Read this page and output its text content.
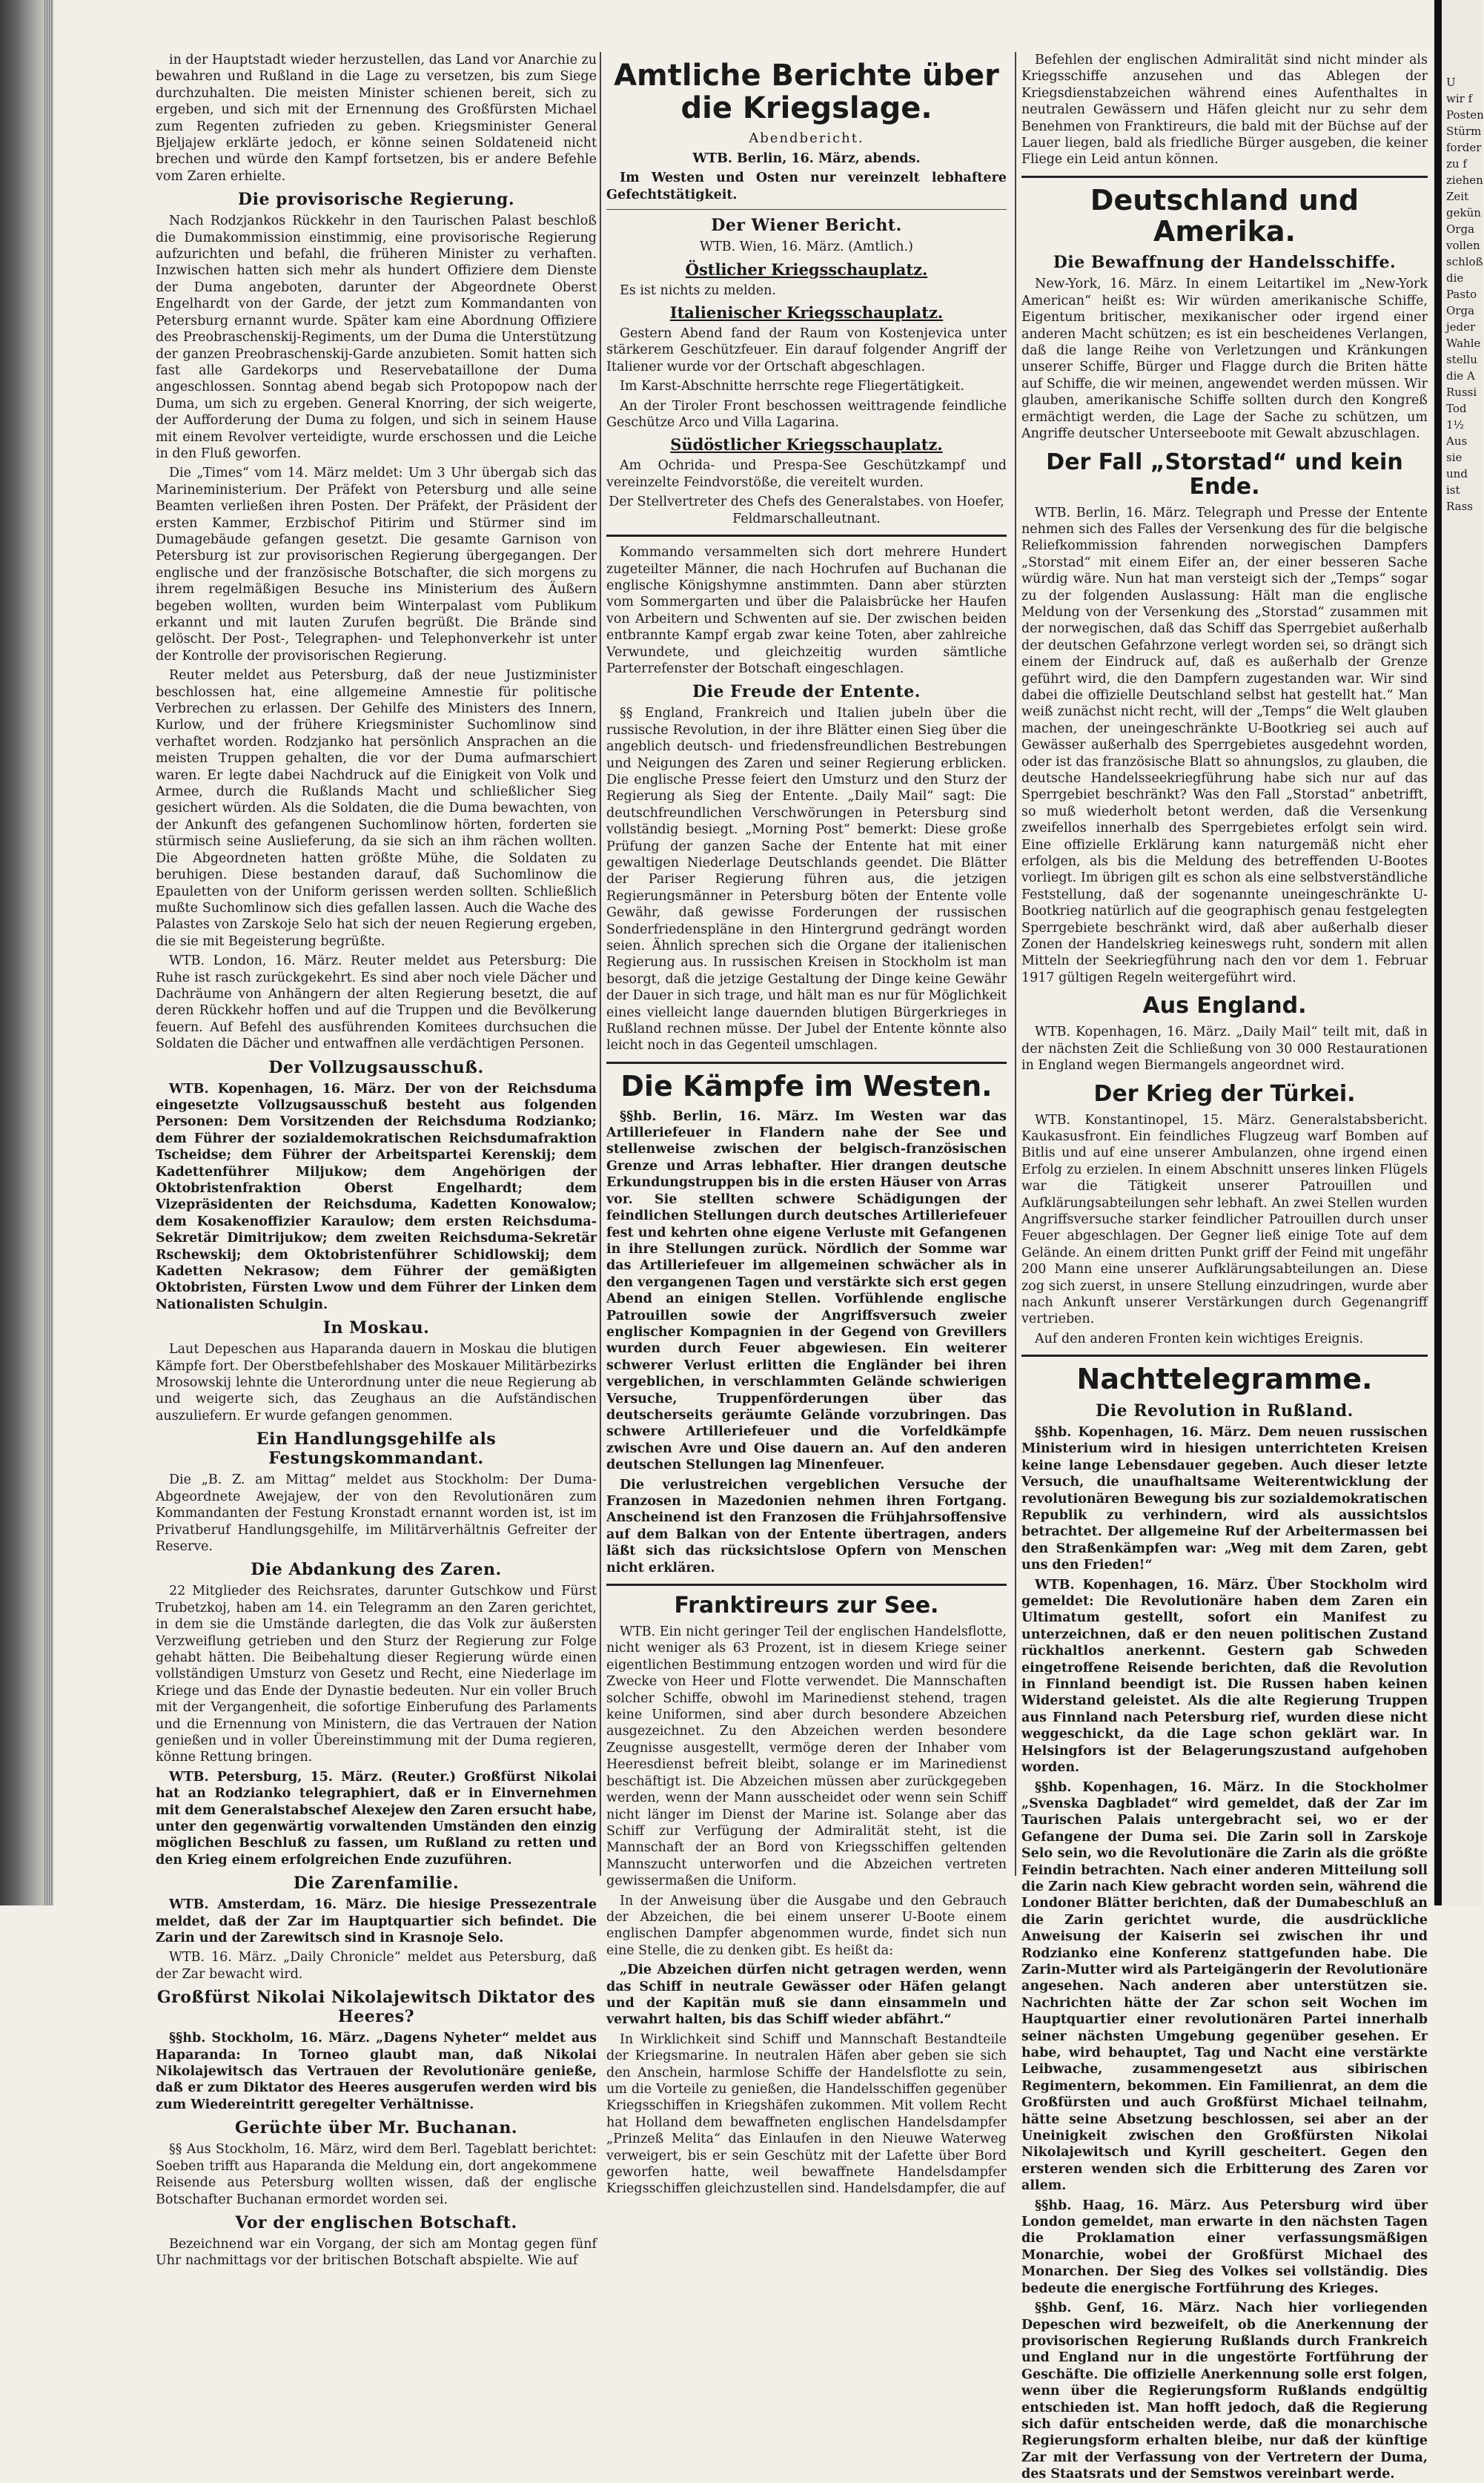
U
wir f
Posten
Stürm
forder
zu f
ziehen
Zeit
gekün
Orga
vollen
schloß
die
Pasto
Orga
jeder
Wahle
stellu
die A
Russi
Tod
1½
Aus
sie
und
ist
Rass

in der Hauptstadt wieder herzustellen, das Land vor Anarchie zu bewahren und Rußland in die Lage zu versetzen, bis zum Siege durchzuhalten. Die meisten Minister schienen bereit, sich zu ergeben, und sich mit der Ernennung des Großfürsten Michael zum Regenten zufrieden zu geben. Kriegsminister General Bjeljajew erklärte jedoch, er könne seinen Soldateneid nicht brechen und würde den Kampf fortsetzen, bis er andere Befehle vom Zaren erhielte.

Die provisorische Regierung.

Nach Rodzjankos Rückkehr in den Taurischen Palast beschloß die Dumakommission einstimmig, eine provisorische Regierung aufzurichten und befahl, die früheren Minister zu verhaften. Inzwischen hatten sich mehr als hundert Offiziere dem Dienste der Duma angeboten, darunter der Abgeordnete Oberst Engelhardt von der Garde, der jetzt zum Kommandanten von Petersburg ernannt wurde. Später kam eine Abordnung Offiziere des Preobraschenskij-Regiments, um der Duma die Unterstützung der ganzen Preobraschenskij-Garde anzubieten. Somit hatten sich fast alle Gardekorps und Reservebataillone der Duma angeschlossen. Sonntag abend begab sich Protopopow nach der Duma, um sich zu ergeben. General Knorring, der sich weigerte, der Aufforderung der Duma zu folgen, und sich in seinem Hause mit einem Revolver verteidigte, wurde erschossen und die Leiche in den Fluß geworfen.

Die „Times“ vom 14. März meldet: Um 3 Uhr übergab sich das Marineministerium. Der Präfekt von Petersburg und alle seine Beamten verließen ihren Posten. Der Präfekt, der Präsident der ersten Kammer, Erzbischof Pitirim und Stürmer sind im Dumagebäude gefangen gesetzt. Die gesamte Garnison von Petersburg ist zur provisorischen Regierung übergegangen. Der englische und der französische Botschafter, die sich morgens zu ihrem regelmäßigen Besuche ins Ministerium des Äußern begeben wollten, wurden beim Winterpalast vom Publikum erkannt und mit lauten Zurufen begrüßt. Die Brände sind gelöscht. Der Post-, Telegraphen- und Telephonverkehr ist unter der Kontrolle der provisorischen Regierung.

Reuter meldet aus Petersburg, daß der neue Justizminister beschlossen hat, eine allgemeine Amnestie für politische Verbrechen zu erlassen. Der Gehilfe des Ministers des Innern, Kurlow, und der frühere Kriegsminister Suchomlinow sind verhaftet worden. Rodzjanko hat persönlich Ansprachen an die meisten Truppen gehalten, die vor der Duma aufmarschiert waren. Er legte dabei Nachdruck auf die Einigkeit von Volk und Armee, durch die Rußlands Macht und schließlicher Sieg gesichert würden. Als die Soldaten, die die Duma bewachten, von der Ankunft des gefangenen Suchomlinow hörten, forderten sie stürmisch seine Auslieferung, da sie sich an ihm rächen wollten. Die Abgeordneten hatten größte Mühe, die Soldaten zu beruhigen. Diese bestanden darauf, daß Suchomlinow die Epauletten von der Uniform gerissen werden sollten. Schließlich mußte Suchomlinow sich dies gefallen lassen. Auch die Wache des Palastes von Zarskoje Selo hat sich der neuen Regierung ergeben, die sie mit Begeisterung begrüßte.

WTB. London, 16. März. Reuter meldet aus Petersburg: Die Ruhe ist rasch zurückgekehrt. Es sind aber noch viele Dächer und Dachräume von Anhängern der alten Regierung besetzt, die auf deren Rückkehr hoffen und auf die Truppen und die Bevölkerung feuern. Auf Befehl des ausführenden Komitees durchsuchen die Soldaten die Dächer und entwaffnen alle verdächtigen Personen.

Der Vollzugsausschuß.

WTB. Kopenhagen, 16. März. Der von der Reichsduma eingesetzte Vollzugsausschuß besteht aus folgenden Personen: Dem Vorsitzenden der Reichsduma Rodzianko; dem Führer der sozialdemokratischen Reichsdumafraktion Tscheidse; dem Führer der Arbeitspartei Kerenskij; dem Kadettenführer Miljukow; dem Angehörigen der Oktobristenfraktion Oberst Engelhardt; dem Vizepräsidenten der Reichsduma, Kadetten Konowalow; dem Kosakenoffizier Karaulow; dem ersten Reichsduma-Sekretär Dimitrijukow; dem zweiten Reichsduma-Sekretär Rschewskij; dem Oktobristenführer Schidlowskij; dem Kadetten Nekrasow; dem Führer der gemäßigten Oktobristen, Fürsten Lwow und dem Führer der Linken dem Nationalisten Schulgin.

In Moskau.

Laut Depeschen aus Haparanda dauern in Moskau die blutigen Kämpfe fort. Der Oberstbefehlshaber des Moskauer Militärbezirks Mrosowskij lehnte die Unterordnung unter die neue Regierung ab und weigerte sich, das Zeughaus an die Aufständischen auszuliefern. Er wurde gefangen genommen.

Ein Handlungsgehilfe als Festungskommandant.

Die „B. Z. am Mittag“ meldet aus Stockholm: Der Duma-Abgeordnete Awejajew, der von den Revolutionären zum Kommandanten der Festung Kronstadt ernannt worden ist, ist im Privatberuf Handlungsgehilfe, im Militärverhältnis Gefreiter der Reserve.

Die Abdankung des Zaren.

22 Mitglieder des Reichsrates, darunter Gutschkow und Fürst Trubetzkoj, haben am 14. ein Telegramm an den Zaren gerichtet, in dem sie die Umstände darlegten, die das Volk zur äußersten Verzweiflung getrieben und den Sturz der Regierung zur Folge gehabt hätten. Die Beibehaltung dieser Regierung würde einen vollständigen Umsturz von Gesetz und Recht, eine Niederlage im Kriege und das Ende der Dynastie bedeuten. Nur ein voller Bruch mit der Vergangenheit, die sofortige Einberufung des Parlaments und die Ernennung von Ministern, die das Vertrauen der Nation genießen und in voller Übereinstimmung mit der Duma regieren, könne Rettung bringen.

WTB. Petersburg, 15. März. (Reuter.) Großfürst Nikolai hat an Rodzianko telegraphiert, daß er in Einvernehmen mit dem Generalstabschef Alexejew den Zaren ersucht habe, unter den gegenwärtig vorwaltenden Umständen den einzig möglichen Beschluß zu fassen, um Rußland zu retten und den Krieg einem erfolgreichen Ende zuzuführen.

Die Zarenfamilie.

WTB. Amsterdam, 16. März. Die hiesige Pressezentrale meldet, daß der Zar im Hauptquartier sich befindet. Die Zarin und der Zarewitsch sind in Krasnoje Selo.

WTB. 16. März. „Daily Chronicle“ meldet aus Petersburg, daß der Zar bewacht wird.

Großfürst Nikolai Nikolajewitsch Diktator des Heeres?

§§hb. Stockholm, 16. März. „Dagens Nyheter“ meldet aus Haparanda: In Torneo glaubt man, daß Nikolai Nikolajewitsch das Vertrauen der Revolutionäre genieße, daß er zum Diktator des Heeres ausgerufen werden wird bis zum Wiedereintritt geregelter Verhältnisse.

Gerüchte über Mr. Buchanan.

§§ Aus Stockholm, 16. März, wird dem Berl. Tageblatt berichtet: Soeben trifft aus Haparanda die Meldung ein, dort angekommene Reisende aus Petersburg wollten wissen, daß der englische Botschafter Buchanan ermordet worden sei.

Vor der englischen Botschaft.

Bezeichnend war ein Vorgang, der sich am Montag gegen fünf Uhr nachmittags vor der britischen Botschaft abspielte. Wie auf

Amtliche Berichte über die Kriegslage.
Abendbericht.

WTB. Berlin, 16. März, abends.

Im Westen und Osten nur vereinzelt lebhaftere Gefechtstätigkeit.

Der Wiener Bericht.

WTB. Wien, 16. März. (Amtlich.)

Östlicher Kriegsschauplatz.

Es ist nichts zu melden.

Italienischer Kriegsschauplatz.

Gestern Abend fand der Raum von Kostenjevica unter stärkerem Geschützfeuer. Ein darauf folgender Angriff der Italiener wurde vor der Ortschaft abgeschlagen.

Im Karst-Abschnitte herrschte rege Fliegertätigkeit.

An der Tiroler Front beschossen weittragende feindliche Geschütze Arco und Villa Lagarina.

Südöstlicher Kriegsschauplatz.

Am Ochrida- und Prespa-See Geschützkampf und vereinzelte Feindvorstöße, die vereitelt wurden.

Der Stellvertreter des Chefs des Generalstabes. von Hoefer, Feldmarschalleutnant.

Kommando versammelten sich dort mehrere Hundert zugeteilter Männer, die nach Hochrufen auf Buchanan die englische Königshymne anstimmten. Dann aber stürzten vom Sommergarten und über die Palaisbrücke her Haufen von Arbeitern und Schwenten auf sie. Der zwischen beiden entbrannte Kampf ergab zwar keine Toten, aber zahlreiche Verwundete, und gleichzeitig wurden sämtliche Parterrefenster der Botschaft eingeschlagen.

Die Freude der Entente.

§§ England, Frankreich und Italien jubeln über die russische Revolution, in der ihre Blätter einen Sieg über die angeblich deutsch- und friedensfreundlichen Bestrebungen und Neigungen des Zaren und seiner Regierung erblicken. Die englische Presse feiert den Umsturz und den Sturz der Regierung als Sieg der Entente. „Daily Mail“ sagt: Die deutschfreundlichen Verschwörungen in Petersburg sind vollständig besiegt. „Morning Post“ bemerkt: Diese große Prüfung der ganzen Sache der Entente hat mit einer gewaltigen Niederlage Deutschlands geendet. Die Blätter der Pariser Regierung führen aus, die jetzigen Regierungsmänner in Petersburg böten der Entente volle Gewähr, daß gewisse Forderungen der russischen Sonderfriedenspläne in den Hintergrund gedrängt worden seien. Ähnlich sprechen sich die Organe der italienischen Regierung aus. In russischen Kreisen in Stockholm ist man besorgt, daß die jetzige Gestaltung der Dinge keine Gewähr der Dauer in sich trage, und hält man es nur für Möglichkeit eines vielleicht lange dauernden blutigen Bürgerkrieges in Rußland rechnen müsse. Der Jubel der Entente könnte also leicht noch in das Gegenteil umschlagen.

Die Kämpfe im Westen.

§§hb. Berlin, 16. März. Im Westen war das Artilleriefeuer in Flandern nahe der See und stellenweise zwischen der belgisch-französischen Grenze und Arras lebhafter. Hier drangen deutsche Erkundungstruppen bis in die ersten Häuser von Arras vor. Sie stellten schwere Schädigungen der feindlichen Stellungen durch deutsches Artilleriefeuer fest und kehrten ohne eigene Verluste mit Gefangenen in ihre Stellungen zurück. Nördlich der Somme war das Artilleriefeuer im allgemeinen schwächer als in den vergangenen Tagen und verstärkte sich erst gegen Abend an einigen Stellen. Vorfühlende englische Patrouillen sowie der Angriffsversuch zweier englischer Kompagnien in der Gegend von Grevillers wurden durch Feuer abgewiesen. Ein weiterer schwerer Verlust erlitten die Engländer bei ihren vergeblichen, in verschlammten Gelände schwierigen Versuche, Truppenförderungen über das deutscherseits geräumte Gelände vorzubringen. Das schwere Artilleriefeuer und die Vorfeldkämpfe zwischen Avre und Oise dauern an. Auf den anderen deutschen Stellungen lag Minenfeuer.

Die verlustreichen vergeblichen Versuche der Franzosen in Mazedonien nehmen ihren Fortgang. Anscheinend ist den Franzosen die Frühjahrsoffensive auf dem Balkan von der Entente übertragen, anders läßt sich das rücksichtslose Opfern von Menschen nicht erklären.

Franktireurs zur See.

WTB. Ein nicht geringer Teil der englischen Handelsflotte, nicht weniger als 63 Prozent, ist in diesem Kriege seiner eigentlichen Bestimmung entzogen worden und wird für die Zwecke von Heer und Flotte verwendet. Die Mannschaften solcher Schiffe, obwohl im Marinedienst stehend, tragen keine Uniformen, sind aber durch besondere Abzeichen ausgezeichnet. Zu den Abzeichen werden besondere Zeugnisse ausgestellt, vermöge deren der Inhaber vom Heeresdienst befreit bleibt, solange er im Marinedienst beschäftigt ist. Die Abzeichen müssen aber zurückgegeben werden, wenn der Mann ausscheidet oder wenn sein Schiff nicht länger im Dienst der Marine ist. Solange aber das Schiff zur Verfügung der Admiralität steht, ist die Mannschaft der an Bord von Kriegsschiffen geltenden Mannszucht unterworfen und die Abzeichen vertreten gewissermaßen die Uniform.

In der Anweisung über die Ausgabe und den Gebrauch der Abzeichen, die bei einem unserer U-Boote einem englischen Dampfer abgenommen wurde, findet sich nun eine Stelle, die zu denken gibt. Es heißt da:

„Die Abzeichen dürfen nicht getragen werden, wenn das Schiff in neutrale Gewässer oder Häfen gelangt und der Kapitän muß sie dann einsammeln und verwahrt halten, bis das Schiff wieder abfährt.“

In Wirklichkeit sind Schiff und Mannschaft Bestandteile der Kriegsmarine. In neutralen Häfen aber geben sie sich den Anschein, harmlose Schiffe der Handelsflotte zu sein, um die Vorteile zu genießen, die Handelsschiffen gegenüber Kriegsschiffen in Kriegshäfen zukommen. Mit vollem Recht hat Holland dem bewaffneten englischen Handelsdampfer „Prinzeß Melita“ das Einlaufen in den Nieuwe Waterweg verweigert, bis er sein Geschütz mit der Lafette über Bord geworfen hatte, weil bewaffnete Handelsdampfer Kriegsschiffen gleichzustellen sind. Handelsdampfer, die auf

Befehlen der englischen Admiralität sind nicht minder als Kriegsschiffe anzusehen und das Ablegen der Kriegsdienstabzeichen während eines Aufenthaltes in neutralen Gewässern und Häfen gleicht nur zu sehr dem Benehmen von Franktireurs, die bald mit der Büchse auf der Lauer liegen, bald als friedliche Bürger ausgeben, die keiner Fliege ein Leid antun können.

Deutschland und Amerika.
Die Bewaffnung der Handelsschiffe.

New-York, 16. März. In einem Leitartikel im „New-York American“ heißt es: Wir würden amerikanische Schiffe, Eigentum britischer, mexikanischer oder irgend einer anderen Macht schützen; es ist ein bescheidenes Verlangen, daß die lange Reihe von Verletzungen und Kränkungen unserer Schiffe, Bürger und Flagge durch die Briten hätte auf Schiffe, die wir meinen, angewendet werden müssen. Wir glauben, amerikanische Schiffe sollten durch den Kongreß ermächtigt werden, die Lage der Sache zu schützen, um Angriffe deutscher Unterseeboote mit Gewalt abzuschlagen.

Der Fall „Storstad“ und kein Ende.

WTB. Berlin, 16. März. Telegraph und Presse der Entente nehmen sich des Falles der Versenkung des für die belgische Reliefkommission fahrenden norwegischen Dampfers „Storstad“ mit einem Eifer an, der einer besseren Sache würdig wäre. Nun hat man versteigt sich der „Temps“ sogar zu der folgenden Auslassung: Hält man die englische Meldung von der Versenkung des „Storstad“ zusammen mit der norwegischen, daß das Schiff das Sperrgebiet außerhalb der deutschen Gefahrzone verlegt worden sei, so drängt sich einem der Eindruck auf, daß es außerhalb der Grenze geführt wird, die den Dampfern zugestanden war. Wir sind dabei die offizielle Deutschland selbst hat gestellt hat.“ Man weiß zunächst nicht recht, will der „Temps“ die Welt glauben machen, der uneingeschränkte U-Bootkrieg sei auch auf Gewässer außerhalb des Sperrgebietes ausgedehnt worden, oder ist das französische Blatt so ahnungslos, zu glauben, die deutsche Handelsseekriegführung habe sich nur auf das Sperrgebiet beschränkt? Was den Fall „Storstad“ anbetrifft, so muß wiederholt betont werden, daß die Versenkung zweifellos innerhalb des Sperrgebietes erfolgt sein wird. Eine offizielle Erklärung kann naturgemäß nicht eher erfolgen, als bis die Meldung des betreffenden U-Bootes vorliegt. Im übrigen gilt es schon als eine selbstverständliche Feststellung, daß der sogenannte uneingeschränkte U-Bootkrieg natürlich auf die geographisch genau festgelegten Sperrgebiete beschränkt wird, daß aber außerhalb dieser Zonen der Handelskrieg keineswegs ruht, sondern mit allen Mitteln der Seekriegführung nach den vor dem 1. Februar 1917 gültigen Regeln weitergeführt wird.

Aus England.

WTB. Kopenhagen, 16. März. „Daily Mail“ teilt mit, daß in der nächsten Zeit die Schließung von 30 000 Restaurationen in England wegen Biermangels angeordnet wird.

Der Krieg der Türkei.

WTB. Konstantinopel, 15. März. Generalstabsbericht. Kaukasusfront. Ein feindliches Flugzeug warf Bomben auf Bitlis und auf eine unserer Ambulanzen, ohne irgend einen Erfolg zu erzielen. In einem Abschnitt unseres linken Flügels war die Tätigkeit unserer Patrouillen und Aufklärungsabteilungen sehr lebhaft. An zwei Stellen wurden Angriffsversuche starker feindlicher Patrouillen durch unser Feuer abgeschlagen. Der Gegner ließ einige Tote auf dem Gelände. An einem dritten Punkt griff der Feind mit ungefähr 200 Mann eine unserer Aufklärungsabteilungen an. Diese zog sich zuerst, in unsere Stellung einzudringen, wurde aber nach Ankunft unserer Verstärkungen durch Gegenangriff vertrieben.

Auf den anderen Fronten kein wichtiges Ereignis.

Nachttelegramme.
Die Revolution in Rußland.

§§hb. Kopenhagen, 16. März. Dem neuen russischen Ministerium wird in hiesigen unterrichteten Kreisen keine lange Lebensdauer gegeben. Auch dieser letzte Versuch, die unaufhaltsame Weiterentwicklung der revolutionären Bewegung bis zur sozialdemokratischen Republik zu verhindern, wird als aussichtslos betrachtet. Der allgemeine Ruf der Arbeitermassen bei den Straßenkämpfen war: „Weg mit dem Zaren, gebt uns den Frieden!“

WTB. Kopenhagen, 16. März. Über Stockholm wird gemeldet: Die Revolutionäre haben dem Zaren ein Ultimatum gestellt, sofort ein Manifest zu unterzeichnen, daß er den neuen politischen Zustand rückhaltlos anerkennt. Gestern gab Schweden eingetroffene Reisende berichten, daß die Revolution in Finnland beendigt ist. Die Russen haben keinen Widerstand geleistet. Als die alte Regierung Truppen aus Finnland nach Petersburg rief, wurden diese nicht weggeschickt, da die Lage schon geklärt war. In Helsingfors ist der Belagerungszustand aufgehoben worden.

§§hb. Kopenhagen, 16. März. In die Stockholmer „Svenska Dagbladet“ wird gemeldet, daß der Zar im Taurischen Palais untergebracht sei, wo er der Gefangene der Duma sei. Die Zarin soll in Zarskoje Selo sein, wo die Revolutionäre die Zarin als die größte Feindin betrachten. Nach einer anderen Mitteilung soll die Zarin nach Kiew gebracht worden sein, während die Londoner Blätter berichten, daß der Dumabeschluß an die Zarin gerichtet wurde, die ausdrückliche Anweisung der Kaiserin sei zwischen ihr und Rodzianko eine Konferenz stattgefunden habe. Die Zarin-Mutter wird als Parteigängerin der Revolutionäre angesehen. Nach anderen aber unterstützen sie. Nachrichten hätte der Zar schon seit Wochen im Hauptquartier einer revolutionären Partei innerhalb seiner nächsten Umgebung gegenüber gesehen. Er habe, wird behauptet, Tag und Nacht eine verstärkte Leibwache, zusammengesetzt aus sibirischen Regimentern, bekommen. Ein Familienrat, an dem die Großfürsten und auch Großfürst Michael teilnahm, hätte seine Absetzung beschlossen, sei aber an der Uneinigkeit zwischen den Großfürsten Nikolai Nikolajewitsch und Kyrill gescheitert. Gegen den ersteren wenden sich die Erbitterung des Zaren vor allem.

§§hb. Haag, 16. März. Aus Petersburg wird über London gemeldet, man erwarte in den nächsten Tagen die Proklamation einer verfassungsmäßigen Monarchie, wobei der Großfürst Michael des Monarchen. Der Sieg des Volkes sei vollständig. Dies bedeute die energische Fortführung des Krieges.

§§hb. Genf, 16. März. Nach hier vorliegenden Depeschen wird bezweifelt, ob die Anerkennung der provisorischen Regierung Rußlands durch Frankreich und England nur in die ungestörte Fortführung der Geschäfte. Die offizielle Anerkennung solle erst folgen, wenn über die Regierungsform Rußlands endgültig entschieden ist. Man hofft jedoch, daß die Regierung sich dafür entscheiden werde, daß die monarchische Regierungsform erhalten bleibe, nur daß der künftige Zar mit der Verfassung von der Vertretern der Duma, des Staatsrats und der Semstwos vereinbart werde.
